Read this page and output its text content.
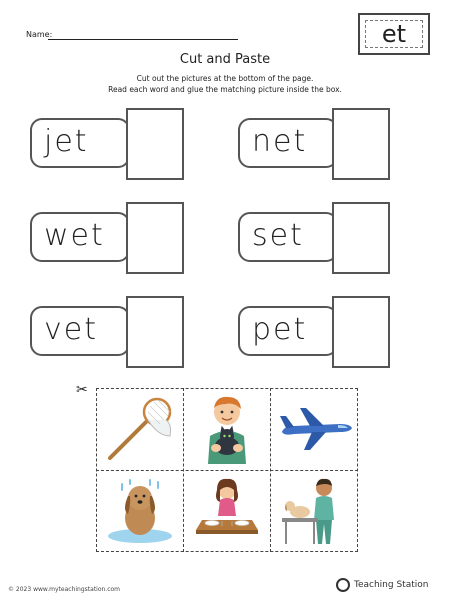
Name:	et
Cut and Paste
Cut out the pictures at the bottom of the page.
Read each word and glue the matching picture inside the box.
jet	net
wet	set
vet	pet
✂
© 2023 www.myteachingstation.com	Teaching Station
